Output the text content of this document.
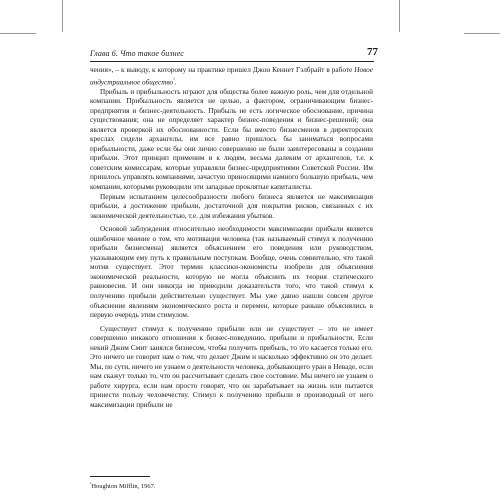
Глава 6. Что такое бизнес	77

чения», – к выводу, к которому на практике пришел Джон Кеннет Гэлбрайт в работе Новое индустриальное общество$^{^3}$.

Прибыль и прибыльность играют для общества более важную роль, чем для отдельной компании. Прибыльность является не целью, а фактором, ограничивающим бизнес-предприятия и бизнес-деятельность. Прибыль не есть логическое обоснование, причина существования; она не определяет характер бизнес-поведения и бизнес-решений; она является проверкой их обоснованности. Если бы вместо бизнесменов в директорских креслах сидели архангелы, им все равно пришлось бы заниматься вопросами прибыльности, даже если бы они лично совершенно не были заинтересованы в создании прибыли. Этот принцип применим и к людям, весьма далеким от архангелов, т.е. к советским комиссарам, которые управляли бизнес-предприятиями Советской России. Им пришлось управлять компаниями, зачастую приносящими намного большую прибыль, чем компании, которыми руководили эти западные проклятые капиталисты.

Первым испытанием целесообразности любого бизнеса является не максимизация прибыли, а достижение прибыли, достаточной для покрытия рисков, связанных с их экономической деятельностью, т.е. для избежания убытков.

Основой заблуждения относительно необходимости максимизации прибыли является ошибочное мнение о том, что мотивация человека (так называемый стимул к получению прибыли бизнесмена) является объяснением его поведения или руководством, указывающим ему путь к правильным поступкам. Вообще, очень сомнительно, что такой мотив существует. Этот термин классики-экономисты изобрели для объяснения экономической реальности, которую не могла объяснить их теория статического равновесия. И они никогда не приводили доказательств того, что такой стимул к получению прибыли действительно существует. Мы уже давно нашли совсем другое объяснение явлениям экономического роста и перемен, которые раньше объяснялись в первую очередь этим стимулом.

Существует стимул к получению прибыли или не существует – это не имеет совершенно никакого отношения к бизнес-поведению, прибыли и прибыльности. Если некий Джим Смит занялся бизнесом, чтобы получить прибыль, то это касается только его. Это ничего не говорит нам о том, что делает Джим и насколько эффективно он это делает. Мы, по сути, ничего не узнаем о деятельности человека, добывающего уран в Неваде, если нам скажут только то, что он рассчитывает сделать свое состояние. Мы ничего не узнаем о работе хирурга, если нам просто говорят, что он зарабатывает на жизнь или пытается принести пользу человечеству. Стимул к получению прибыли и производный от него максимизации прибыли не

$^{^3}$Houghton Mifflin, 1967.
